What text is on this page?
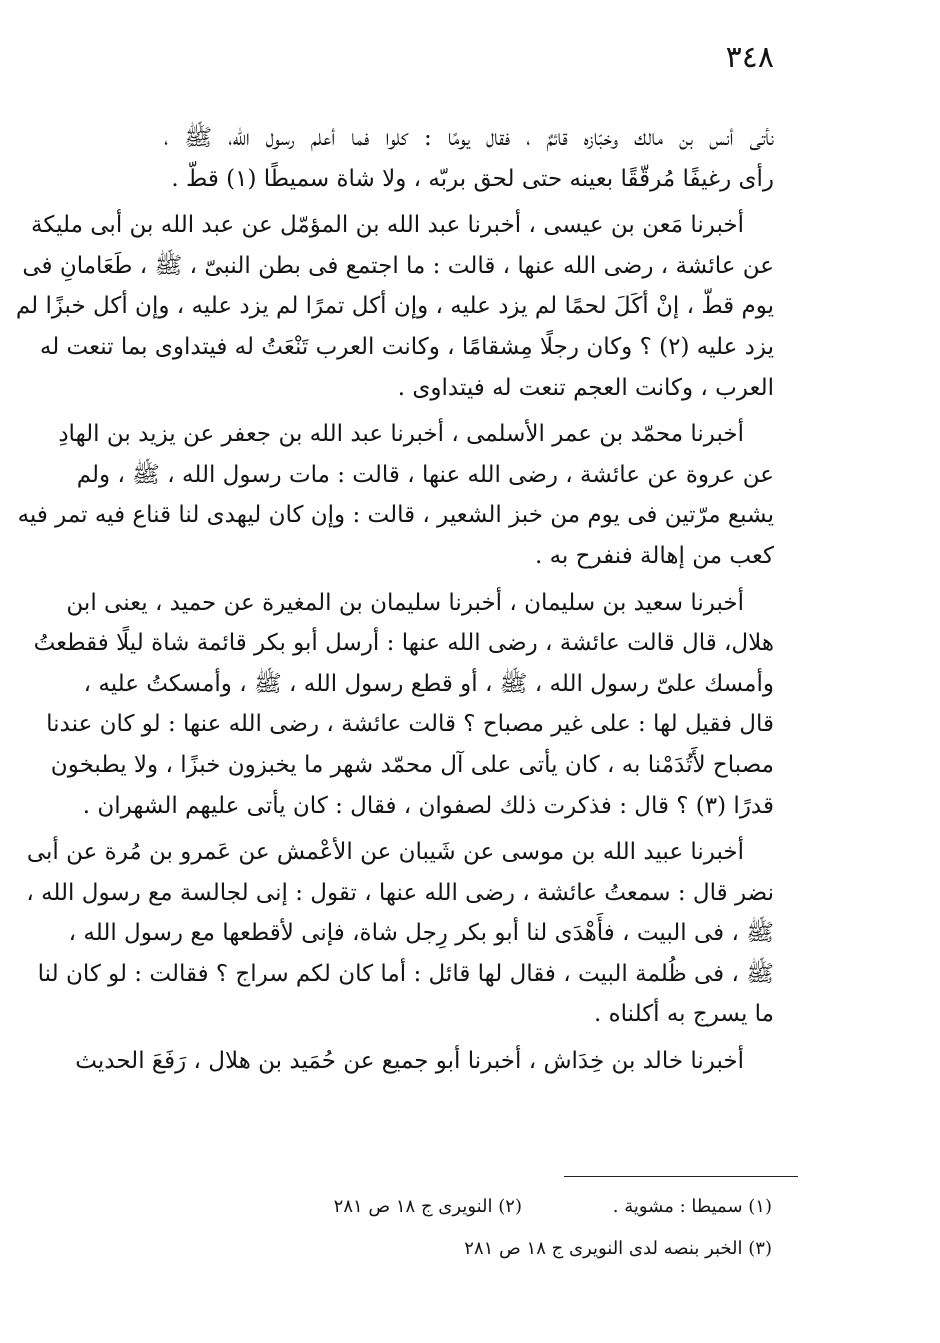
٣٤٨
نأتى أنس بن مالك وخبّازه قائمٌ ، فقال يومًا : كلوا فما أعلم رسول الله، ﷺ ،
رأى رغيفًا مُرقّقًا بعينه حتى لحق بربّه ، ولا شاة سميطًا (١) قطّ .
أخبرنا مَعن بن عيسى ، أخبرنا عبد الله بن المؤمّل عن عبد الله بن أبى مليكة
عن عائشة ، رضى الله عنها ، قالت : ما اجتمع فى بطن النبىّ ، ﷺ ، طَعَامانِ فى
يوم قطّ ، إنْ أكَلَ لحمًا لم يزد عليه ، وإن أكل تمرًا لم يزد عليه ، وإن أكل خبزًا لم
يزد عليه (٢) ؟ وكان رجلًا مِشقامًا ، وكانت العرب تَنْعَتُ له فيتداوى بما تنعت له
العرب ، وكانت العجم تنعت له فيتداوى .
أخبرنا محمّد بن عمر الأسلمى ، أخبرنا عبد الله بن جعفر عن يزيد بن الهادِ
عن عروة عن عائشة ، رضى الله عنها ، قالت : مات رسول الله ، ﷺ ، ولم
يشبع مرّتين فى يوم من خبز الشعير ، قالت : وإن كان ليهدى لنا قناع فيه تمر فيه
كعب من إهالة فنفرح به .
أخبرنا سعيد بن سليمان ، أخبرنا سليمان بن المغيرة عن حميد ، يعنى ابن
هلال، قال قالت عائشة ، رضى الله عنها : أرسل أبو بكر قائمة شاة ليلًا فقطعتُ
وأمسك علىّ رسول الله ، ﷺ ، أو قطع رسول الله ، ﷺ ، وأمسكتُ عليه ،
قال فقيل لها : على غير مصباح ؟ قالت عائشة ، رضى الله عنها : لو كان عندنا
مصباح لأَتُدَمْنا به ، كان يأتى على آل محمّد شهر ما يخبزون خبزًا ، ولا يطبخون
قدرًا (٣) ؟ قال : فذكرت ذلك لصفوان ، فقال : كان يأتى عليهم الشهران .
أخبرنا عبيد الله بن موسى عن شَيبان عن الأعْمش عن عَمرو بن مُرة عن أبى
نضر قال : سمعتُ عائشة ، رضى الله عنها ، تقول : إنى لجالسة مع رسول الله ،
ﷺ ، فى البيت ، فأَهْدَى لنا أبو بكر رِجل شاة، فإنى لأقطعها مع رسول الله ،
ﷺ ، فى ظُلمة البيت ، فقال لها قائل : أما كان لكم سراج ؟ فقالت : لو كان لنا
ما يسرج به أكلناه .
أخبرنا خالد بن خِدَاش ، أخبرنا أبو جميع عن حُمَيد بن هلال ، رَفَعَ الحديث
(١) سميطا : مشوية .
(٢) النويرى ج ١٨ ص ٢٨١
(٣) الخبر بنصه لدى النويرى ج ١٨ ص ٢٨١
